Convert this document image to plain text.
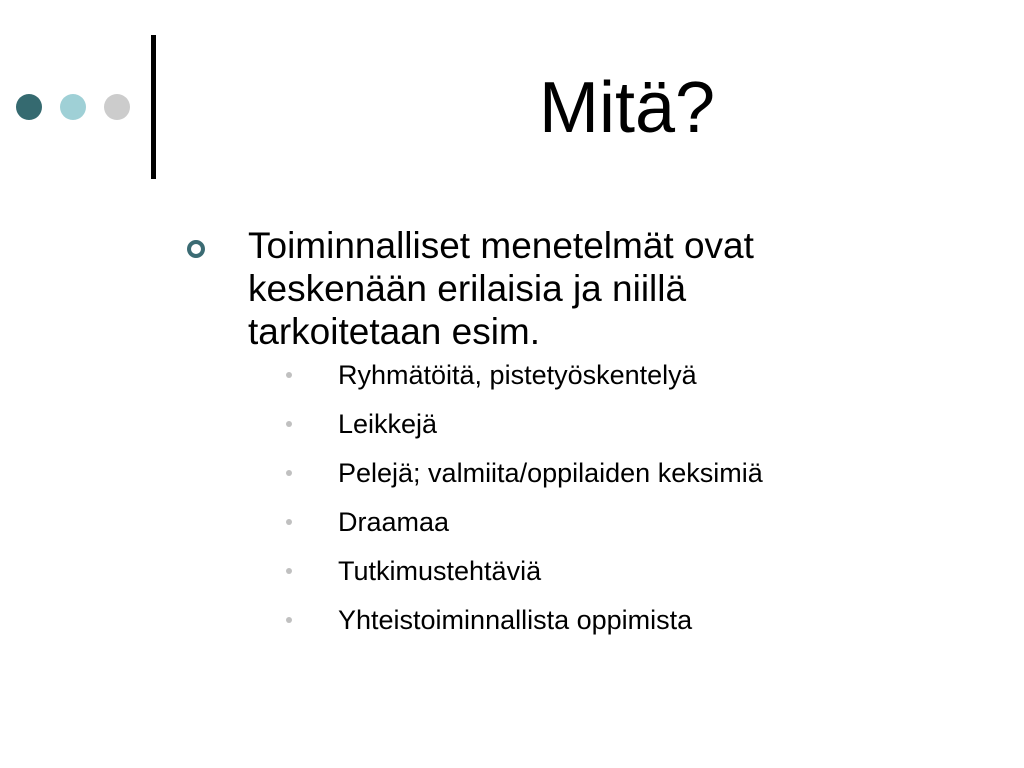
Mitä?
Toiminnalliset menetelmät ovat
keskenään erilaisia ja niillä
tarkoitetaan esim.
Ryhmätöitä, pistetyöskentelyä
Leikkejä
Pelejä; valmiita/oppilaiden keksimiä
Draamaa
Tutkimustehtäviä
Yhteistoiminnallista oppimista
